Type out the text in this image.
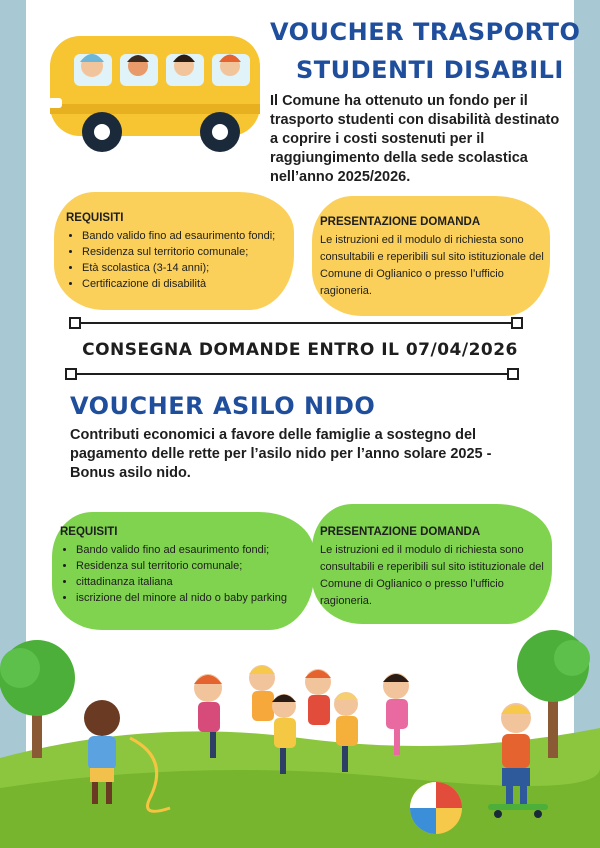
VOUCHER TRASPORTO
STUDENTI DISABILI
Il Comune ha ottenuto un fondo per il trasporto studenti con disabilità destinato a coprire i costi sostenuti per il raggiungimento della sede scolastica nell’anno 2025/2026.
REQUISITI
• Bando valido fino ad esaurimento fondi;
• Residenza sul territorio comunale;
• Età scolastica (3-14 anni);
• Certificazione di disabilità
PRESENTAZIONE DOMANDA
Le istruzioni ed il modulo di richiesta sono consultabili e reperibili sul sito istituzionale del Comune di Oglianico o presso l’ufficio ragioneria.
CONSEGNA DOMANDE ENTRO IL 07/04/2026
VOUCHER ASILO NIDO
Contributi economici a favore delle famiglie a sostegno del pagamento delle rette per l’asilo nido per l’anno solare 2025 - Bonus asilo nido.
REQUISITI
• Bando valido fino ad esaurimento fondi;
• Residenza sul territorio comunale;
• cittadinanza italiana
• iscrizione del minore al nido o baby parking
PRESENTAZIONE DOMANDA
Le istruzioni ed il modulo di richiesta sono consultabili e reperibili sul sito istituzionale del Comune di Oglianico o presso l’ufficio ragioneria.
